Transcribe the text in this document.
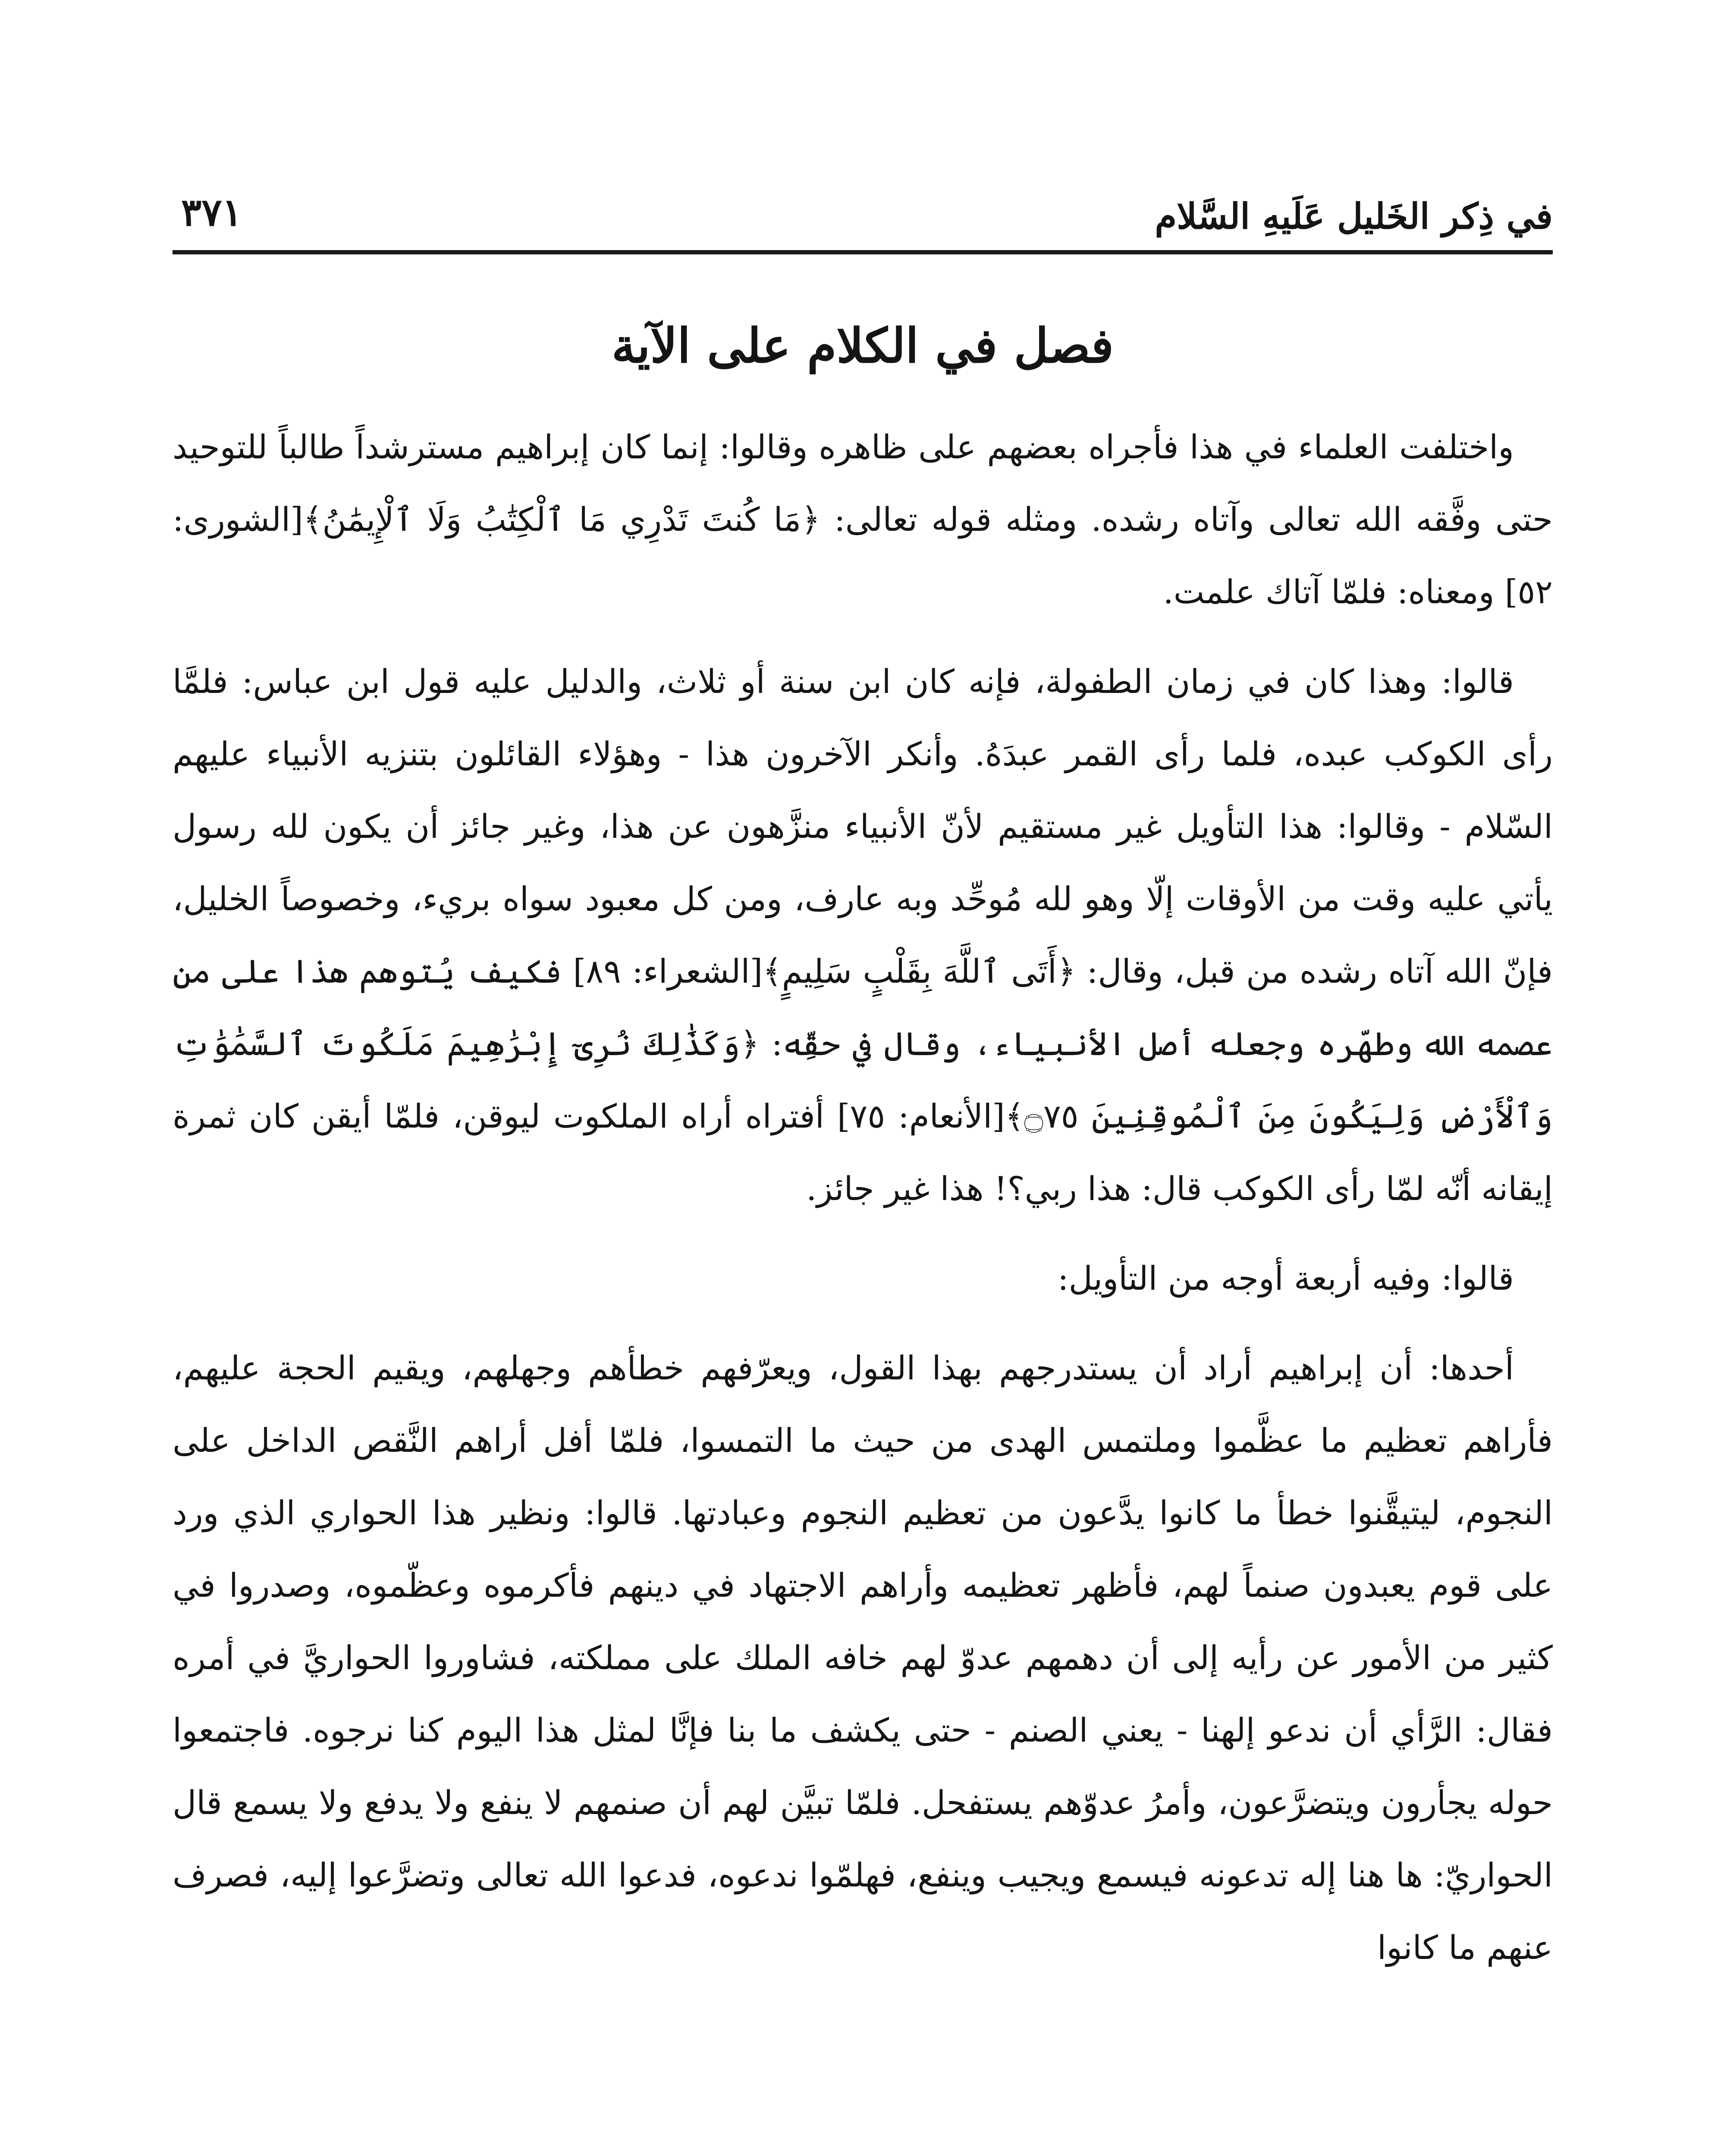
في ذِكر الخَليل عَلَيهِ السَّلام
٣٧١
فصل في الكلام على الآية

واختلفت العلماء في هذا فأجراه بعضهم على ظاهره وقالوا: إنما كان إبراهيم مسترشداً طالباً للتوحيد حتى وفَّقه الله تعالى وآتاه رشده. ومثله قوله تعالى: ﴿مَا كُنتَ تَدْرِي مَا ٱلْكِتَٰبُ وَلَا ٱلْإِيمَٰنُ﴾[الشورى: ٥٢] ومعناه: فلمّا آتاك علمت.

قالوا: وهذا كان في زمان الطفولة، فإنه كان ابن سنة أو ثلاث، والدليل عليه قول ابن عباس: فلمَّا رأى الكوكب عبده، فلما رأى القمر عبدَهُ. وأنكر الآخرون هذا - وهؤلاء القائلون بتنزيه الأنبياء عليهم السّلام - وقالوا: هذا التأويل غير مستقيم لأنّ الأنبياء منزَّهون عن هذا، وغير جائز أن يكون لله رسول يأتي عليه وقت من الأوقات إلّا وهو لله مُوحِّد وبه عارف، ومن كل معبود سواه بريء، وخصوصاً الخليل، فإنّ الله آتاه رشده من قبل، وقال: ﴿أَتَى ٱللَّهَ بِقَلْبٍ سَلِيمٍ﴾[الشعراء: ٨٩] فكيف يُتوهم هذا على من عصمه الله وطهّره وجعله أصل الأنبياء، وقال في حقِّه: ﴿وَكَذَٰلِكَ نُرِىٓ إِبْرَٰهِيمَ مَلَكُوتَ ٱلسَّمَٰوَٰتِ وَٱلْأَرْضِ وَلِيَكُونَ مِنَ ٱلْمُوقِنِينَ ۝٧٥﴾[الأنعام: ٧٥] أفتراه أراه الملكوت ليوقن، فلمّا أيقن كان ثمرة إيقانه أنّه لمّا رأى الكوكب قال: هذا ربي؟! هذا غير جائز.

قالوا: وفيه أربعة أوجه من التأويل:

أحدها: أن إبراهيم أراد أن يستدرجهم بهذا القول، ويعرّفهم خطأهم وجهلهم، ويقيم الحجة عليهم، فأراهم تعظيم ما عظَّموا وملتمس الهدى من حيث ما التمسوا، فلمّا أفل أراهم النَّقص الداخل على النجوم، ليتيقَّنوا خطأ ما كانوا يدَّعون من تعظيم النجوم وعبادتها. قالوا: ونظير هذا الحواري الذي ورد على قوم يعبدون صنماً لهم، فأظهر تعظيمه وأراهم الاجتهاد في دينهم فأكرموه وعظّموه، وصدروا في كثير من الأمور عن رأيه إلى أن دهمهم عدوّ لهم خافه الملك على مملكته، فشاوروا الحواريَّ في أمره فقال: الرَّأي أن ندعو إلهنا - يعني الصنم - حتى يكشف ما بنا فإنَّا لمثل هذا اليوم كنا نرجوه. فاجتمعوا حوله يجأرون ويتضرَّعون، وأمرُ عدوّهم يستفحل. فلمّا تبيَّن لهم أن صنمهم لا ينفع ولا يدفع ولا يسمع قال الحواريّ: ها هنا إله تدعونه فيسمع ويجيب وينفع، فهلمّوا ندعوه، فدعوا الله تعالى وتضرَّعوا إليه، فصرف عنهم ما كانوا
